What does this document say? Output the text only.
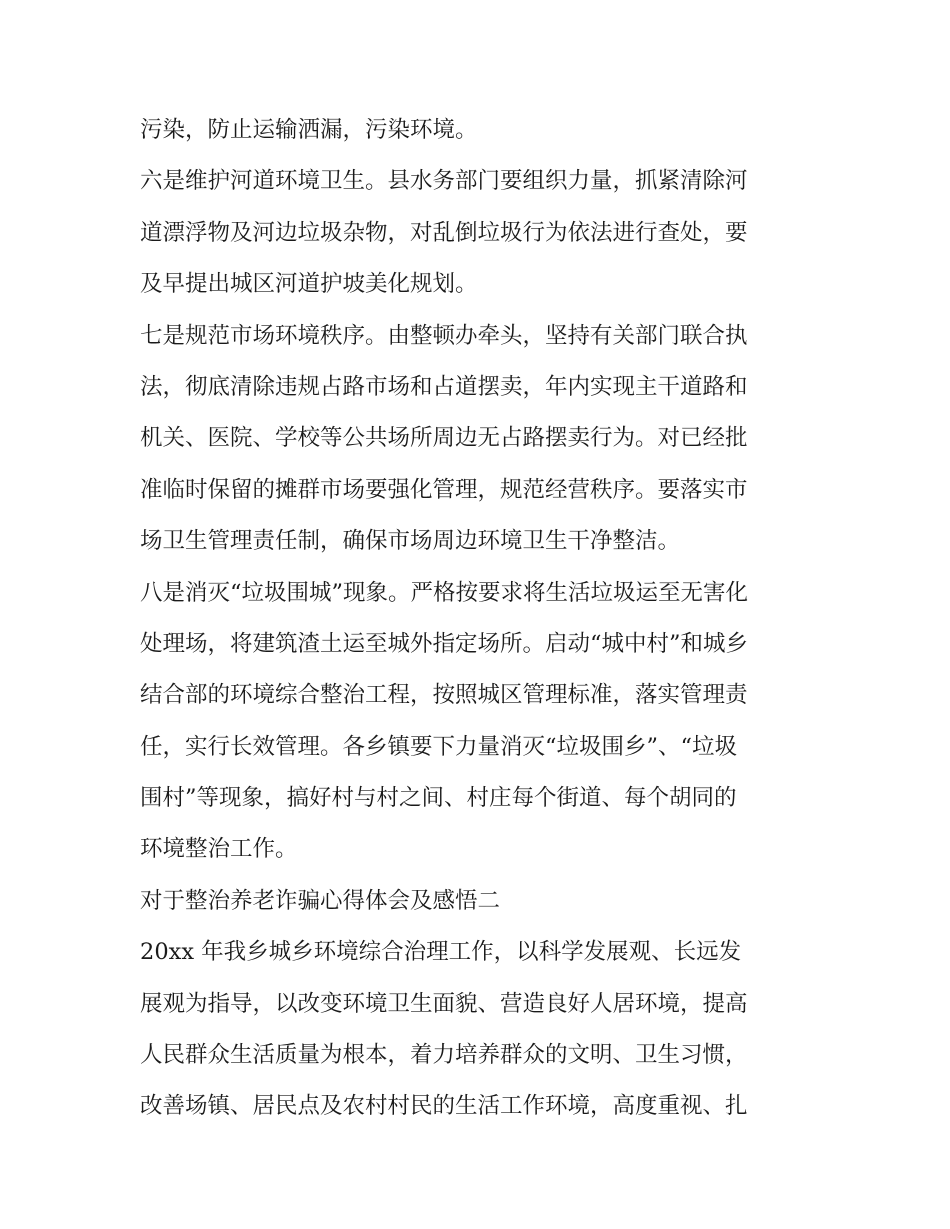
污染，防止运输洒漏，污染环境。
六是维护河道环境卫生。县水务部门要组织力量，抓紧清除河
道漂浮物及河边垃圾杂物，对乱倒垃圾行为依法进行查处，要
及早提出城区河道护坡美化规划。
七是规范市场环境秩序。由整顿办牵头，坚持有关部门联合执
法，彻底清除违规占路市场和占道摆卖，年内实现主干道路和
机关、医院、学校等公共场所周边无占路摆卖行为。对已经批
准临时保留的摊群市场要强化管理，规范经营秩序。要落实市
场卫生管理责任制，确保市场周边环境卫生干净整洁。
八是消灭“垃圾围城”现象。严格按要求将生活垃圾运至无害化
处理场，将建筑渣土运至城外指定场所。启动“城中村”和城乡
结合部的环境综合整治工程，按照城区管理标准，落实管理责
任，实行长效管理。各乡镇要下力量消灭“垃圾围乡”、“垃圾
围村”等现象，搞好村与村之间、村庄每个街道、每个胡同的
环境整治工作。
对于整治养老诈骗心得体会及感悟二
20xx 年我乡城乡环境综合治理工作，以科学发展观、长远发
展观为指导，以改变环境卫生面貌、营造良好人居环境，提高
人民群众生活质量为根本，着力培养群众的文明、卫生习惯，
改善场镇、居民点及农村村民的生活工作环境，高度重视、扎
